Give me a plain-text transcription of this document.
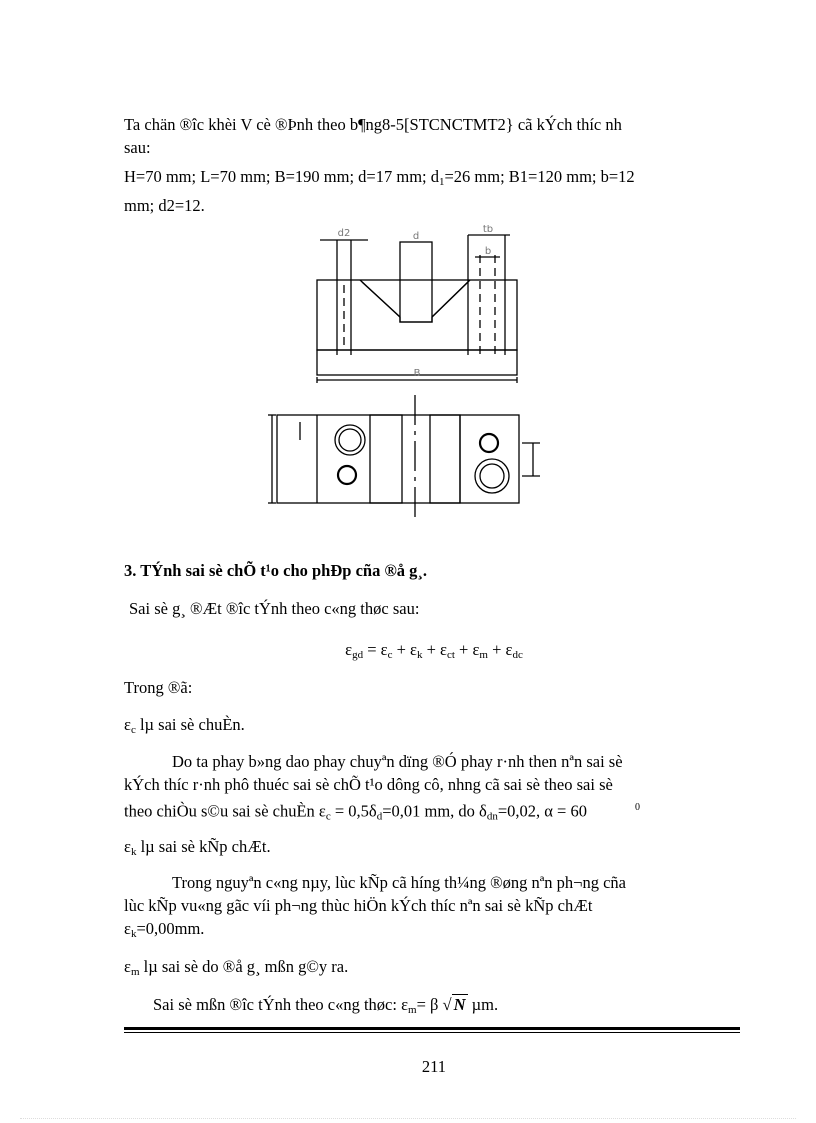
Ta chän ®îc khèi V cè ®Þnh theo b¶ng8-5[STCNCTMT2} cã kÝch thíc nh
sau:

H=70 mm; L=70 mm; B=190 mm; d=17 mm; $d_1=26$ mm; B1=120 mm; b=12
mm; d2=12.

d2	d
tb
b
B

3. TÝnh sai sè chÕ t¹o cho phÐp cña ®å g¸.

Sai sè g¸ ®Æt ®îc tÝnh theo c«ng thøc sau:

$\varepsilon_{gd} = \varepsilon_c + \varepsilon_k + \varepsilon_{ct} + \varepsilon_m + \varepsilon_{dc}$

Trong ®ã:

$\varepsilon_c$ lµ sai sè chuÈn.

Do ta phay b»ng dao phay chuyªn dïng ®Ó phay r·nh then nªn sai sè
kÝch thíc r·nh phô thuéc sai sè chÕ t¹o dông cô, nhng cã sai sè theo sai sè
theo chiÒu s©u sai sè chuÈn $\varepsilon_c = 0,5\delta_d=0,01$ mm, do $\delta_{dn}=0,02$, α = 60	$^0$

$\varepsilon_k$ lµ sai sè kÑp chÆt.

Trong nguyªn c«ng nµy, lùc kÑp cã híng th¼ng ®øng nªn ph¬ng cña
lùc kÑp vu«ng gãc víi ph¬ng thùc hiÖn kÝch thíc nªn sai sè kÑp chÆt
$\varepsilon_k=0,00mm$.

$\varepsilon_m$ lµ sai sè do ®å g¸ mßn g©y ra.

Sai sè mßn ®îc tÝnh theo c«ng thøc: $\varepsilon_m= \beta$ √ N µm.

211
